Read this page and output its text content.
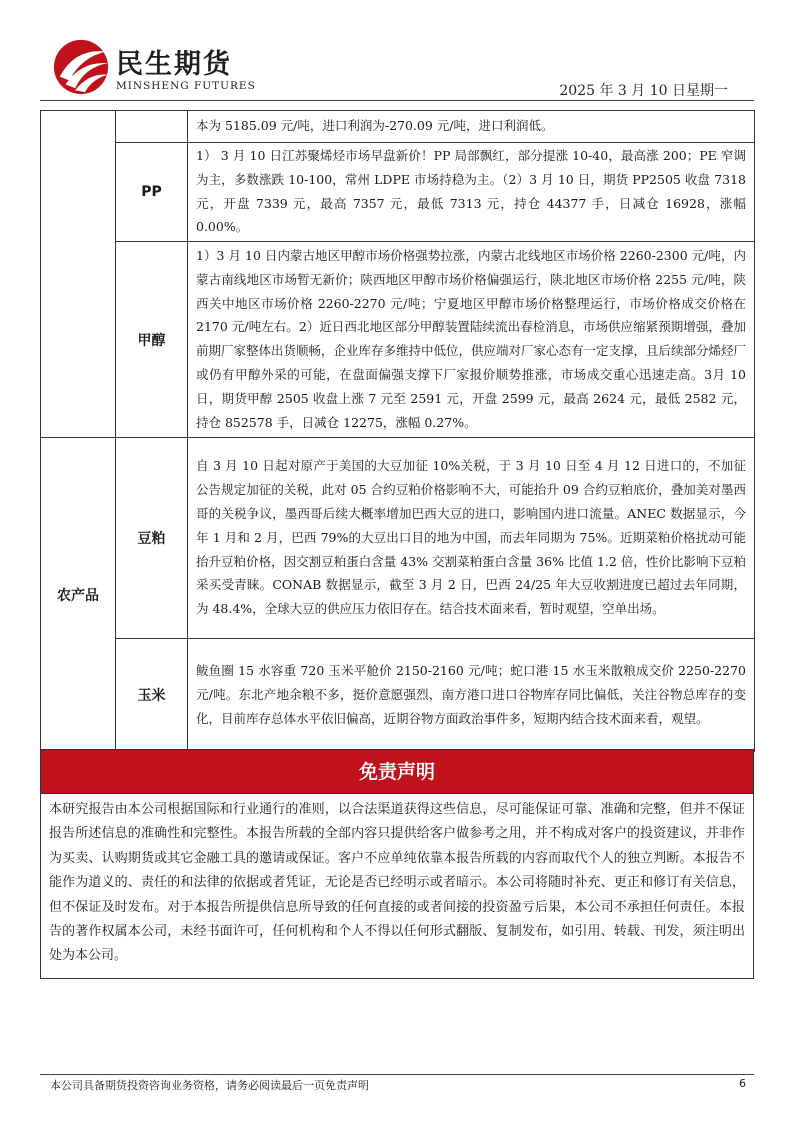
民生期货
MINSHENG FUTURES	2025 年 3 月 10 日星期一
		本为 5185.09 元/吨，进口利润为-270.09 元/吨，进口利润低。
	PP	1） 3 月 10 日江苏聚烯烃市场早盘新价！PP 局部飘红，部分提涨 10-40，最高涨 200；PE 窄调为主，多数涨跌 10-100，常州 LDPE 市场持稳为主。（2）3 月 10 日，期货 PP2505 收盘 7318 元，开盘 7339 元，最高 7357 元，最低 7313 元，持仓 44377 手，日减仓 16928，涨幅 0.00%。
	甲醇	1）3 月 10 日内蒙古地区甲醇市场价格强势拉涨，内蒙古北线地区市场价格 2260-2300 元/吨，内蒙古南线地区市场暂无新价；陕西地区甲醇市场价格偏强运行，陕北地区市场价格 2255 元/吨，陕西关中地区市场价格 2260-2270 元/吨；宁夏地区甲醇市场价格整理运行，市场价格成交价格在 2170 元/吨左右。2）近日西北地区部分甲醇装置陆续流出春检消息，市场供应缩紧预期增强，叠加前期厂家整体出货顺畅，企业库存多维持中低位，供应端对厂家心态有一定支撑，且后续部分烯烃厂或仍有甲醇外采的可能，在盘面偏强支撑下厂家报价顺势推涨，市场成交重心迅速走高。3月 10 日，期货甲醇 2505 收盘上涨 7 元至 2591 元，开盘 2599 元，最高 2624 元，最低 2582 元，持仓 852578 手，日减仓 12275，涨幅 0.27%。
农产品	豆粕	自 3 月 10 日起对原产于美国的大豆加征 10%关税，于 3 月 10 日至 4 月 12 日进口的，不加征公告规定加征的关税，此对 05 合约豆粕价格影响不大，可能抬升 09 合约豆粕底价，叠加美对墨西哥的关税争议，墨西哥后续大概率增加巴西大豆的进口，影响国内进口流量。ANEC 数据显示，今年 1 月和 2 月，巴西 79%的大豆出口目的地为中国，而去年同期为 75%。近期菜粕价格扰动可能抬升豆粕价格，因交割豆粕蛋白含量 43% 交割菜粕蛋白含量 36% 比值 1.2 倍，性价比影响下豆粕采买受青睐。CONAB 数据显示，截至 3 月 2 日，巴西 24/25 年大豆收割进度已超过去年同期，为 48.4%，全球大豆的供应压力依旧存在。结合技术面来看，暂时观望，空单出场。
	玉米	鲅鱼圈 15 水容重 720 玉米平舱价 2150-2160 元/吨；蛇口港 15 水玉米散粮成交价 2250-2270 元/吨。东北产地余粮不多，挺价意愿强烈，南方港口进口谷物库存同比偏低，关注谷物总库存的变化，目前库存总体水平依旧偏高，近期谷物方面政治事件多，短期内结合技术面来看，观望。
免责声明
本研究报告由本公司根据国际和行业通行的准则，以合法渠道获得这些信息，尽可能保证可靠、准确和完整，但并不保证报告所述信息的准确性和完整性。本报告所载的全部内容只提供给客户做参考之用，并不构成对客户的投资建议，并非作为买卖、认购期货或其它金融工具的邀请或保证。客户不应单纯依靠本报告所载的内容而取代个人的独立判断。本报告不能作为道义的、责任的和法律的依据或者凭证，无论是否已经明示或者暗示。本公司将随时补充、更正和修订有关信息，但不保证及时发布。对于本报告所提供信息所导致的任何直接的或者间接的投资盈亏后果，本公司不承担任何责任。本报告的著作权属本公司，未经书面许可，任何机构和个人不得以任何形式翻版、复制发布，如引用、转载、刊发，须注明出处为本公司。
本公司具备期货投资咨询业务资格，请务必阅读最后一页免责声明	6
